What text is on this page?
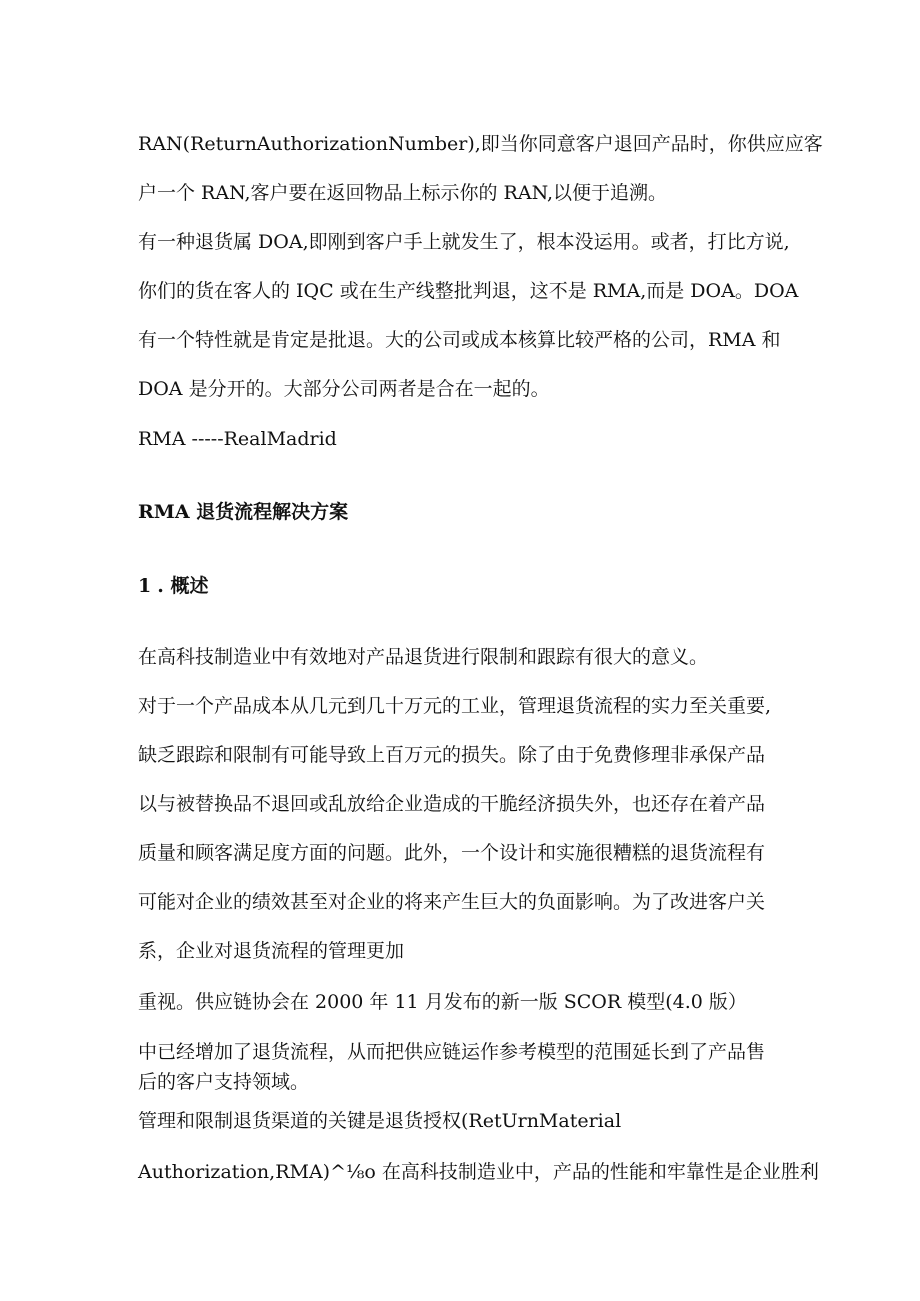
RAN(ReturnAuthorizationNumber),即当你同意客户退回产品时，你供应应客
户一个 RAN,客户要在返回物品上标示你的 RAN,以便于追溯。
有一种退货属 DOA,即刚到客户手上就发生了，根本没运用。或者，打比方说,
你们的货在客人的 IQC 或在生产线整批判退，这不是 RMA,而是 DOA。DOA
有一个特性就是肯定是批退。大的公司或成本核算比较严格的公司，RMA 和
DOA 是分开的。大部分公司两者是合在一起的。
RMA -----RealMadrid
RMA 退货流程解决方案
1 . 概述
在高科技制造业中有效地对产品退货进行限制和跟踪有很大的意义。
对于一个产品成本从几元到几十万元的工业，管理退货流程的实力至关重要,
缺乏跟踪和限制有可能导致上百万元的损失。除了由于免费修理非承保产品
以与被替换品不退回或乱放给企业造成的干脆经济损失外，也还存在着产品
质量和顾客满足度方面的问题。此外，一个设计和实施很糟糕的退货流程有
可能对企业的绩效甚至对企业的将来产生巨大的负面影响。为了改进客户关
系，企业对退货流程的管理更加
重视。供应链协会在 2000 年 11 月发布的新一版 SCOR 模型(4.0 版）
中已经增加了退货流程，从而把供应链运作参考模型的范围延长到了产品售
后的客户支持领域。
管理和限制退货渠道的关键是退货授权(RetUrnMaterial
Authorization,RMA)^⅛o 在高科技制造业中，产品的性能和牢靠性是企业胜利
